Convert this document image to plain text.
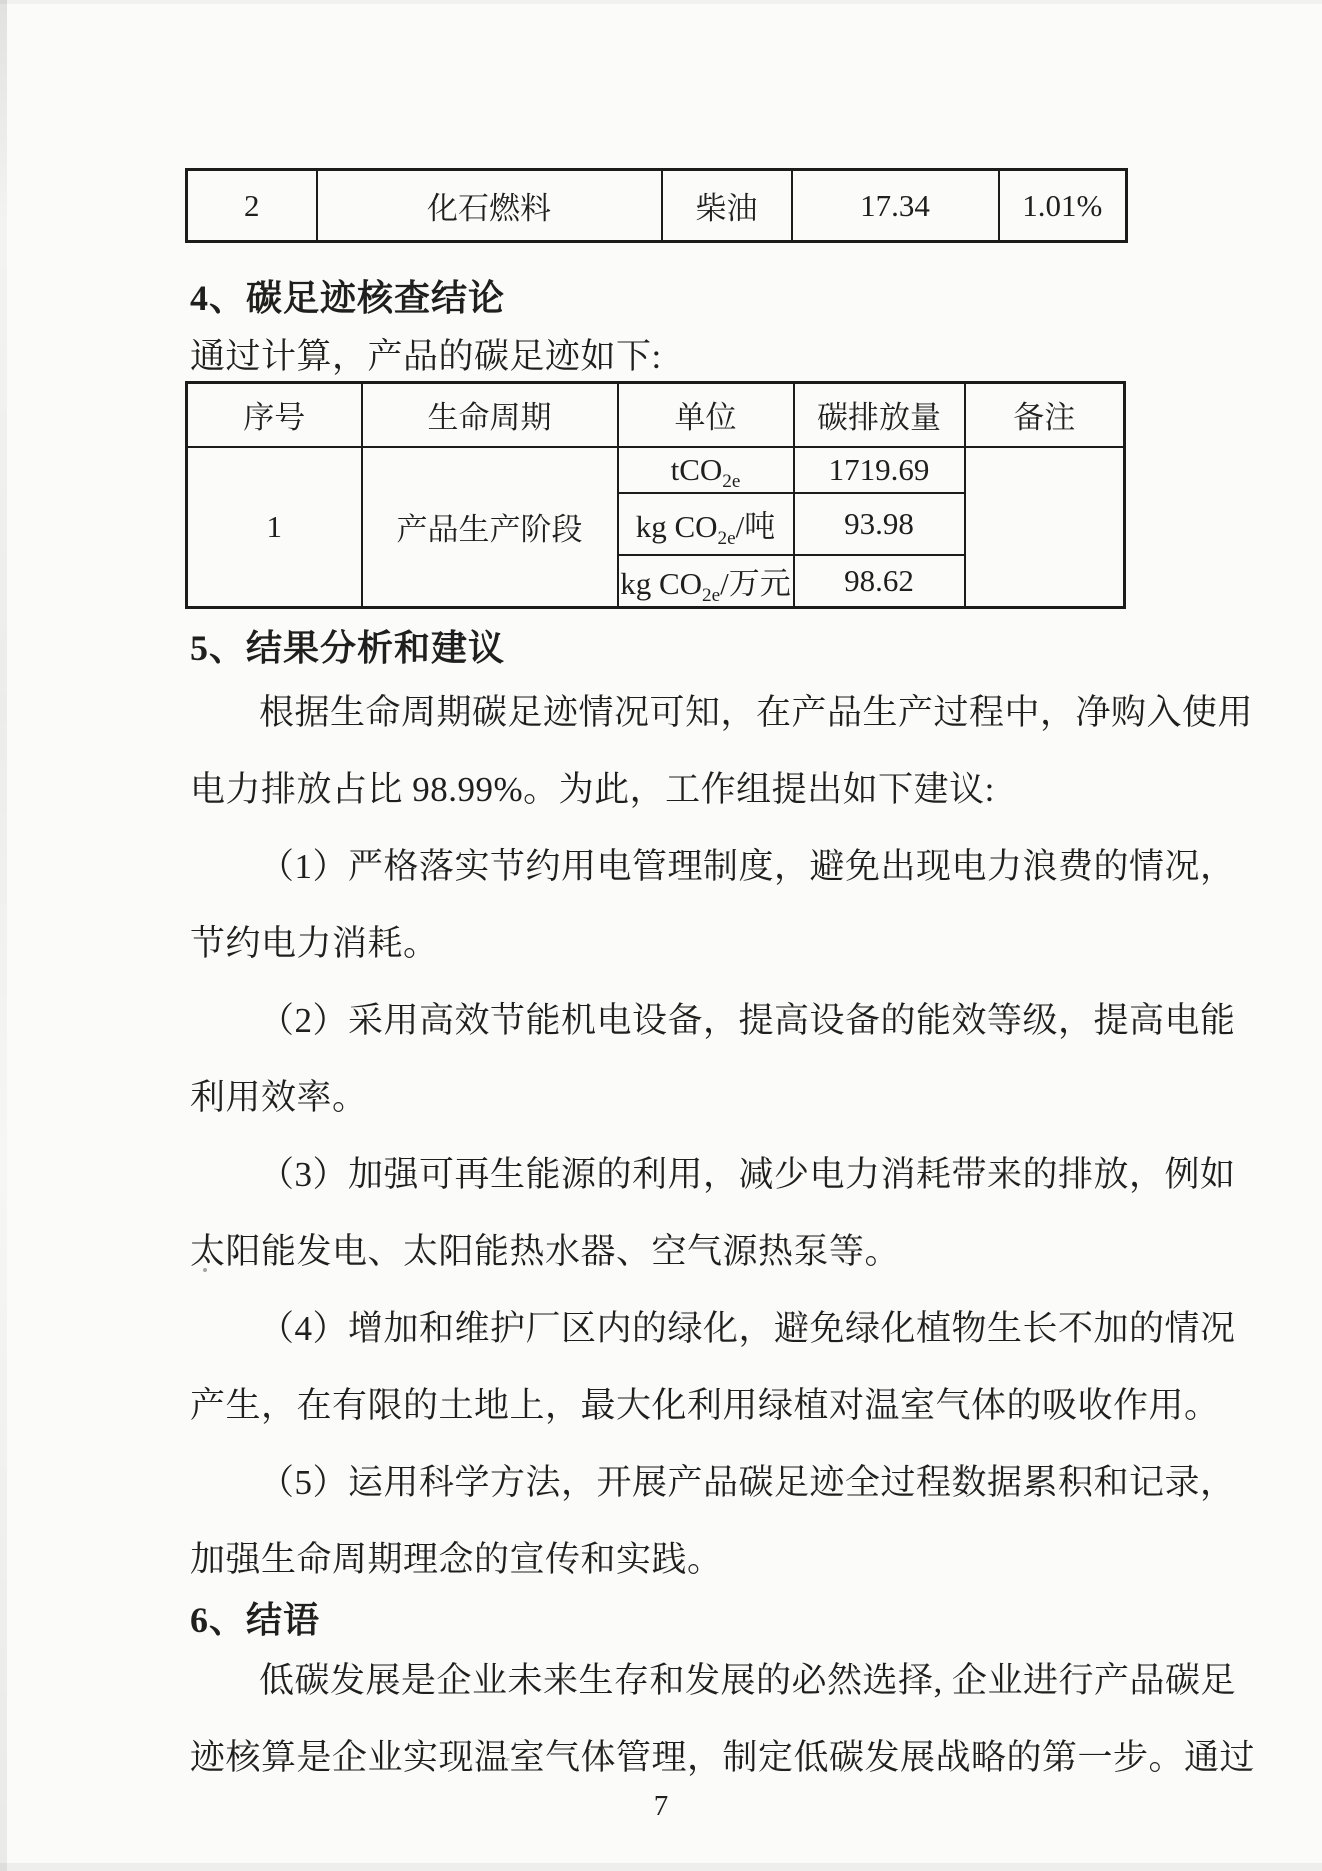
2	化石燃料	柴油	17.34	1.01%
4、碳足迹核查结论
通过计算，产品的碳足迹如下:
序号	生命周期	单位	碳排放量	备注
1	产品生产阶段	tCO$_{2e}$	1719.69	
		kg $CO_{2e}/$吨	93.98	
		kg $CO_{2e}/$万元	98.62	
5、结果分析和建议
根据生命周期碳足迹情况可知，在产品生产过程中，净购入使用
电力排放占比 98.99%。为此，工作组提出如下建议:
（1）严格落实节约用电管理制度，避免出现电力浪费的情况，
节约电力消耗。
（2）采用高效节能机电设备，提高设备的能效等级，提高电能
利用效率。
（3）加强可再生能源的利用，减少电力消耗带来的排放，例如
太阳能发电、太阳能热水器、空气源热泵等。
（4）增加和维护厂区内的绿化，避免绿化植物生长不加的情况
产生，在有限的土地上，最大化利用绿植对温室气体的吸收作用。
（5）运用科学方法，开展产品碳足迹全过程数据累积和记录，
加强生命周期理念的宣传和实践。
6、结语
低碳发展是企业未来生存和发展的必然选择, 企业进行产品碳足
迹核算是企业实现温室气体管理，制定低碳发展战略的第一步。通过
7
